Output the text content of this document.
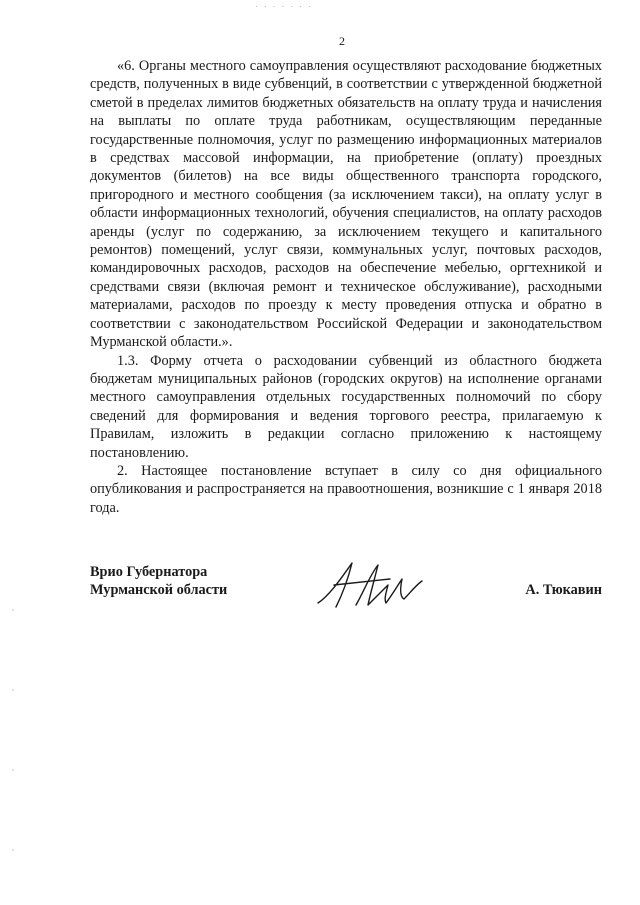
· · · · · · ·
2

«6. Органы местного самоуправления осуществляют расходование бюджетных средств, полученных в виде субвенций, в соответствии с утвержденной бюджетной сметой в пределах лимитов бюджетных обязательств на оплату труда и начисления на выплаты по оплате труда работникам, осуществляющим переданные государственные полномочия, услуг по размещению информационных материалов в средствах массовой информации, на приобретение (оплату) проездных документов (билетов) на все виды общественного транспорта городского, пригородного и местного сообщения (за исключением такси), на оплату услуг в области информационных технологий, обучения специалистов, на оплату расходов аренды (услуг по содержанию, за исключением текущего и капитального ремонтов) помещений, услуг связи, коммунальных услуг, почтовых расходов, командировочных расходов, расходов на обеспечение мебелью, оргтехникой и средствами связи (включая ремонт и техническое обслуживание), расходными материалами, расходов по проезду к месту проведения отпуска и обратно в соответствии с законодательством Российской Федерации и законодательством Мурманской области.».

1.3. Форму отчета о расходовании субвенций из областного бюджета бюджетам муниципальных районов (городских округов) на исполнение органами местного самоуправления отдельных государственных полномочий по сбору сведений для формирования и ведения торгового реестра, прилагаемую к Правилам, изложить в редакции согласно приложению к настоящему постановлению.

2. Настоящее постановление вступает в силу со дня официального опубликования и распространяется на правоотношения, возникшие с 1 января 2018 года.

Врио Губернатора
Мурманской области	А. Тюкавин
